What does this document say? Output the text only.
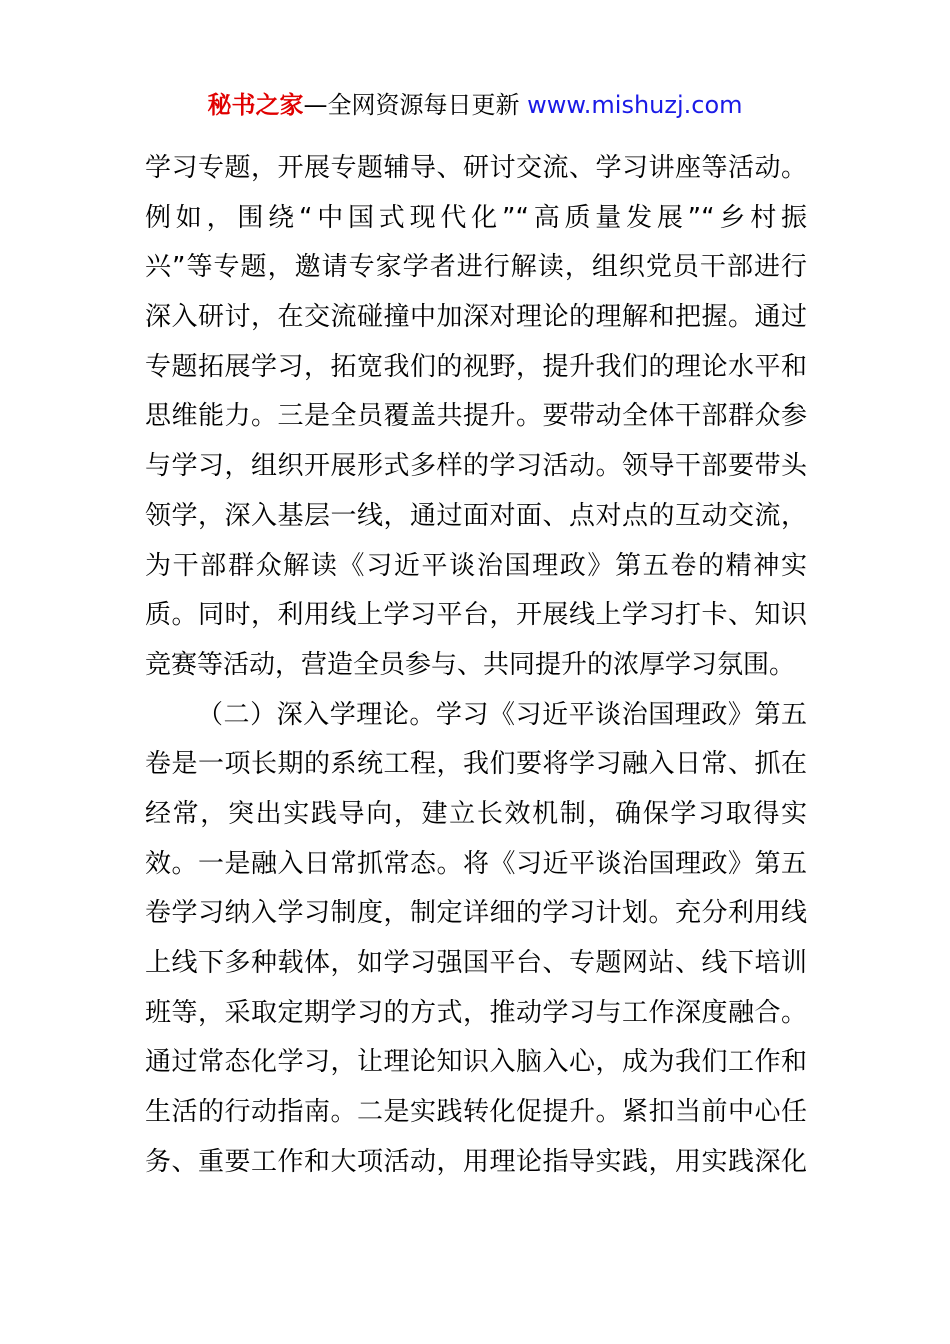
秘书之家—全网资源每日更新 www.mishuzj.com
学习专题，开展专题辅导、研讨交流、学习讲座等活动。
例如，围绕“中国式现代化”“高质量发展”“乡村振
兴”等专题，邀请专家学者进行解读，组织党员干部进行
深入研讨，在交流碰撞中加深对理论的理解和把握。通过
专题拓展学习，拓宽我们的视野，提升我们的理论水平和
思维能力。三是全员覆盖共提升。要带动全体干部群众参
与学习，组织开展形式多样的学习活动。领导干部要带头
领学，深入基层一线，通过面对面、点对点的互动交流，
为干部群众解读《习近平谈治国理政》第五卷的精神实
质。同时，利用线上学习平台，开展线上学习打卡、知识
竞赛等活动，营造全员参与、共同提升的浓厚学习氛围。
（二）深入学理论。学习《习近平谈治国理政》第五
卷是一项长期的系统工程，我们要将学习融入日常、抓在
经常，突出实践导向，建立长效机制，确保学习取得实
效。一是融入日常抓常态。将《习近平谈治国理政》第五
卷学习纳入学习制度，制定详细的学习计划。充分利用线
上线下多种载体，如学习强国平台、专题网站、线下培训
班等，采取定期学习的方式，推动学习与工作深度融合。
通过常态化学习，让理论知识入脑入心，成为我们工作和
生活的行动指南。二是实践转化促提升。紧扣当前中心任
务、重要工作和大项活动，用理论指导实践，用实践深化
